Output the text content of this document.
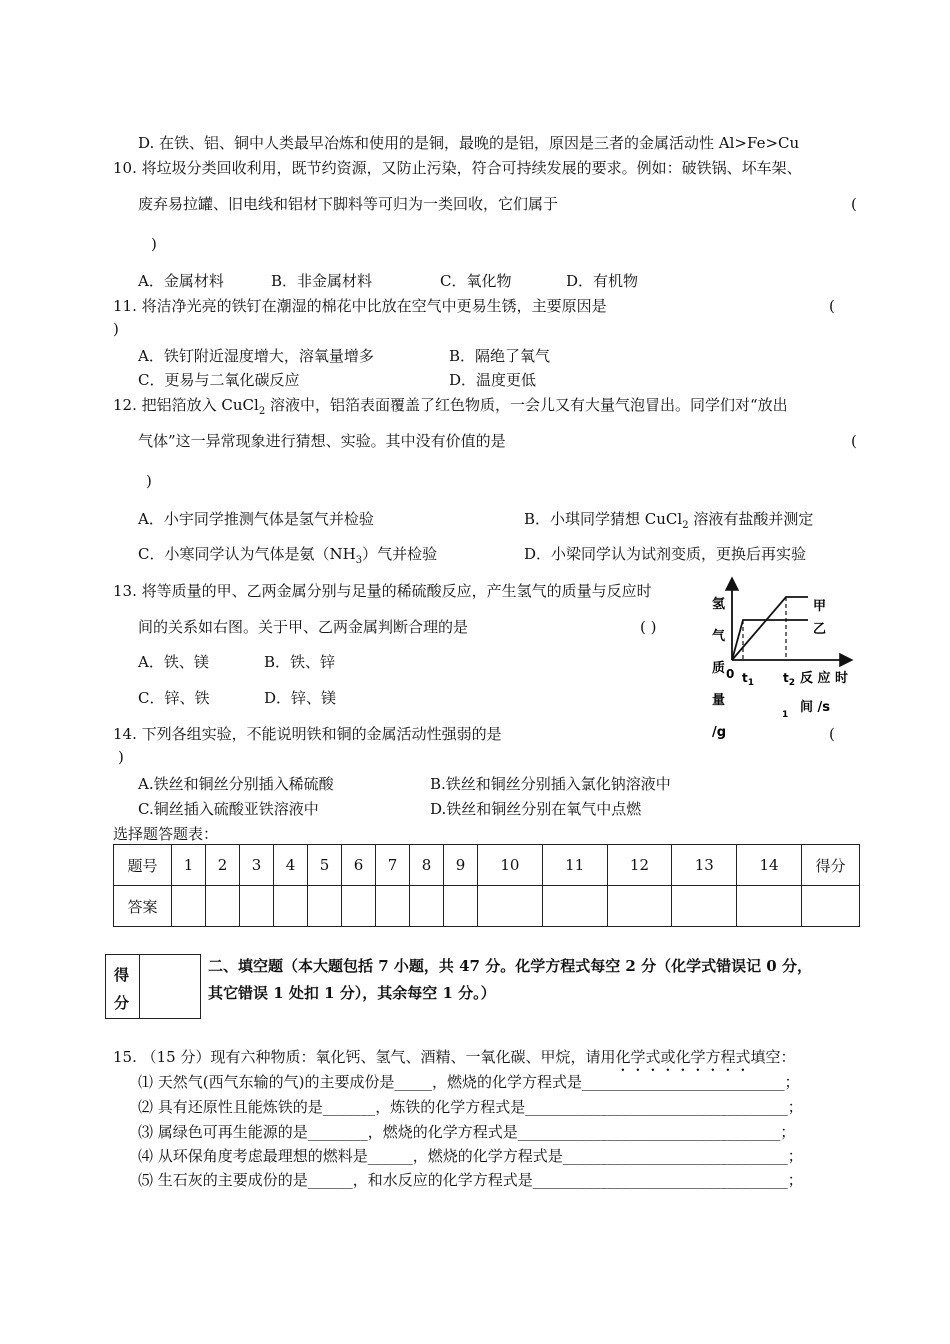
D. 在铁、铝、铜中人类最早冶炼和使用的是铜，最晚的是铝，原因是三者的金属活动性 Al>Fe>Cu
10. 将垃圾分类回收利用，既节约资源，又防止污染，符合可持续发展的要求。例如：破铁锅、坏车架、
废弃易拉罐、旧电线和铝材下脚料等可归为一类回收，它们属于	(
)
A．金属材料	B．非金属材料	C．氧化物	D．有机物
11. 将洁净光亮的铁钉在潮湿的棉花中比放在空气中更易生锈，主要原因是	(
)
A．铁钉附近湿度增大，溶氧量增多	B．隔绝了氧气
C．更易与二氧化碳反应	D．温度更低
12. 把铝箔放入 CuCl$_2$ 溶液中，铝箔表面覆盖了红色物质，一会儿又有大量气泡冒出。同学们对“放出
气体”这一异常现象进行猜想、实验。其中没有价值的是	(
)
A．小宇同学推测气体是氢气并检验	B．小琪同学猜想 CuCl$_2$ 溶液有盐酸并测定
C．小寒同学认为气体是氨$(NH_3)$气并检验	D．小梁同学认为试剂变质，更换后再实验
13. 将等质量的甲、乙两金属分别与足量的稀硫酸反应，产生氢气的质量与反应时
间的关系如右图。关于甲、乙两金属判断合理的是	( )
A．铁、镁	B．铁、锌
C．锌、铁	D．锌、镁
甲
乙
氢
气
质
量
/g
0 $t_1$ $t_2$ 反 应 时
1 间 /s
14. 下列各组实验，不能说明铁和铜的金属活动性强弱的是	(
)
A.铁丝和铜丝分别插入稀硫酸	B.铁丝和铜丝分别插入氯化钠溶液中
C.铜丝插入硫酸亚铁溶液中	D.铁丝和铜丝分别在氧气中点燃
选择题答题表：
题号	1	2	3	4	5	6	7	8	9	10	11	12	13	14	得分
答案															
得
分
二、填空题（本大题包括 7 小题，共 47 分。化学方程式每空 2 分（化学式错误记 0 分，
其它错误 1 处扣 1 分），其余每空 1 分。）
15. （15 分）现有六种物质：氧化钙、氢气、酒精、一氧化碳、甲烷，请用化学式或化学方程式填空：
⑴ 天然气(西气东输的气)的主要成份是_____，燃烧的化学方程式是___________________________；
⑵ 具有还原性且能炼铁的是_______，炼铁的化学方程式是___________________________________；
⑶ 属绿色可再生能源的是________，燃烧的化学方程式是___________________________________；
⑷ 从环保角度考虑最理想的燃料是______，燃烧的化学方程式是______________________________；
⑸ 生石灰的主要成份的是______，和水反应的化学方程式是__________________________________；
